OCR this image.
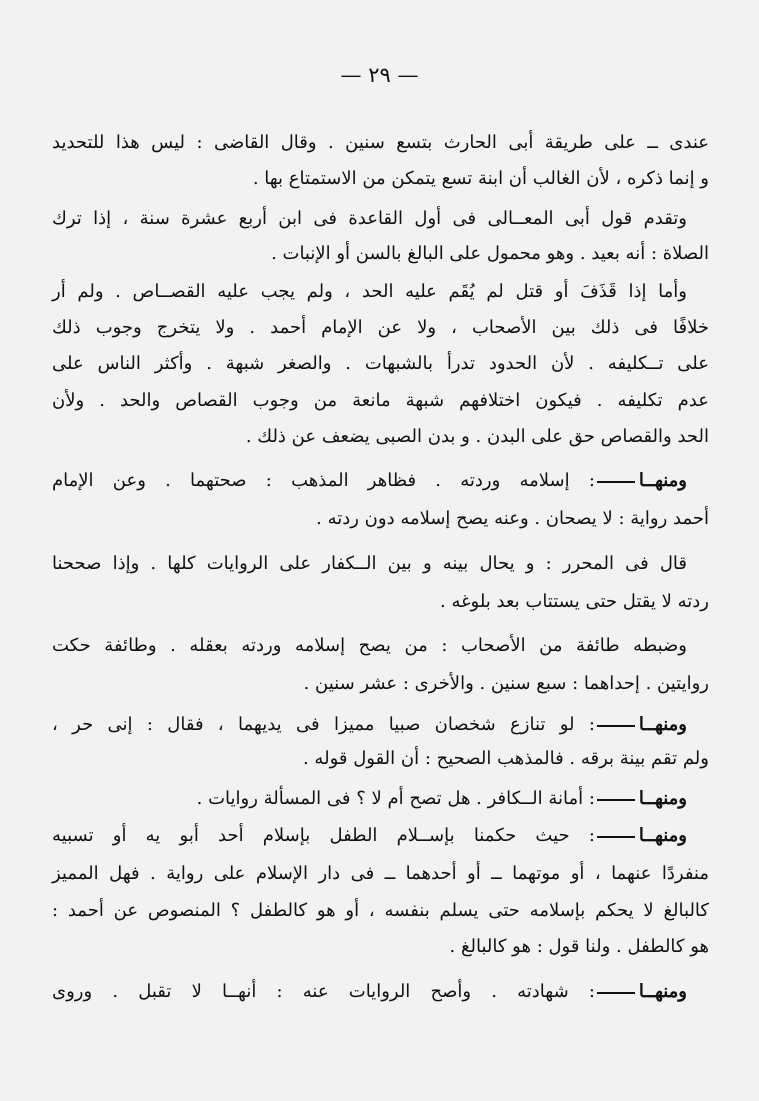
— ٢٩ —
عندى ــ على طريقة أبى الحارث بتسع سنين . وقال القاضى : ليس هذا للتحديد
و إنما ذكره ، لأن الغالب أن ابنة تسع يتمكن من الاستمتاع بها .
وتقدم قول أبى المعــالى فى أول القاعدة فى ابن أربع عشرة سنة ، إذا ترك
الصلاة : أنه بعيد . وهو محمول على البالغ بالسن أو الإنبات .
وأما إذا قَذَفَ أو قتل لم يُقَم عليه الحد ، ولم يجب عليه القصــاص . ولم أر
خلافًا فى ذلك بين الأصحاب ، ولا عن الإمام أحمد . ولا يتخرج وجوب ذلك
على تــكليفه . لأن الحدود تدرأ بالشبهات . والصغر شبهة . وأكثر الناس على
عدم تكليفه . فيكون اختلافهم شبهة مانعة من وجوب القصاص والحد . ولأن
الحد والقصاص حق على البدن . و بدن الصبى يضعف عن ذلك .
ومنهــا: إسلامه وردته . فظاهر المذهب : صحتهما . وعن الإمام
أحمد رواية : لا يصحان . وعنه يصح إسلامه دون ردته .
قال فى المحرر : و يحال بينه و بين الــكفار على الروايات كلها . وإذا صححنا
ردته لا يقتل حتى يستتاب بعد بلوغه .
وضبطه طائفة من الأصحاب : من يصح إسلامه وردته بعقله . وطائفة حكت
روايتين . إحداهما : سبع سنين . والأخرى : عشر سنين .
ومنهــا: لو تنازع شخصان صبيا مميزا فى يديهما ، فقال : إنى حر ،
ولم تقم بينة برقه . فالمذهب الصحيح : أن القول قوله .
ومنهــا: أمانة الــكافر . هل تصح أم لا ؟ فى المسألة روايات .
ومنهــا: حيث حكمنا بإســلام الطفل بإسلام أحد أبو يه أو تسبيه
منفردًا عنهما ، أو موتهما ــ أو أحدهما ــ فى دار الإسلام على رواية . فهل المميز
كالبالغ لا يحكم بإسلامه حتى يسلم بنفسه ، أو هو كالطفل ؟ المنصوص عن أحمد :
هو كالطفل . ولنا قول : هو كالبالغ .
ومنهــا: شهادته . وأصح الروايات عنه : أنهــا لا تقبل . وروى
